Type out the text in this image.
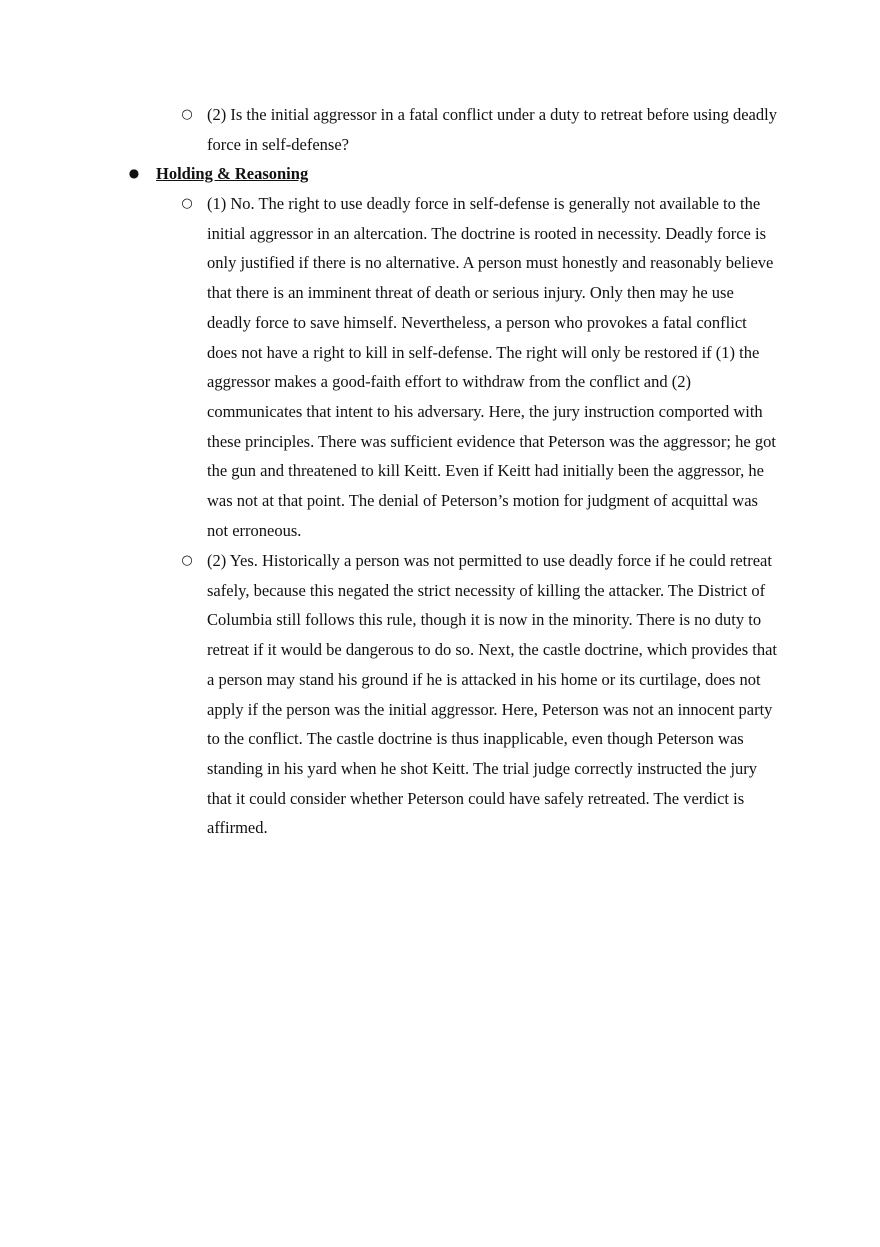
○ (2) Is the initial aggressor in a fatal conflict under a duty to retreat before using deadly force in self-defense?

● Holding & Reasoning

○ (1) No. The right to use deadly force in self-defense is generally not available to the initial aggressor in an altercation. The doctrine is rooted in necessity. Deadly force is only justified if there is no alternative. A person must honestly and reasonably believe that there is an imminent threat of death or serious injury. Only then may he use deadly force to save himself. Nevertheless, a person who provokes a fatal conflict does not have a right to kill in self-defense. The right will only be restored if (1) the aggressor makes a good-faith effort to withdraw from the conflict and (2) communicates that intent to his adversary. Here, the jury instruction comported with these principles. There was sufficient evidence that Peterson was the aggressor; he got the gun and threatened to kill Keitt. Even if Keitt had initially been the aggressor, he was not at that point. The denial of Peterson’s motion for judgment of acquittal was not erroneous.

○ (2) Yes. Historically a person was not permitted to use deadly force if he could retreat safely, because this negated the strict necessity of killing the attacker. The District of Columbia still follows this rule, though it is now in the minority. There is no duty to retreat if it would be dangerous to do so. Next, the castle doctrine, which provides that a person may stand his ground if he is attacked in his home or its curtilage, does not apply if the person was the initial aggressor. Here, Peterson was not an innocent party to the conflict. The castle doctrine is thus inapplicable, even though Peterson was standing in his yard when he shot Keitt. The trial judge correctly instructed the jury that it could consider whether Peterson could have safely retreated. The verdict is affirmed.
